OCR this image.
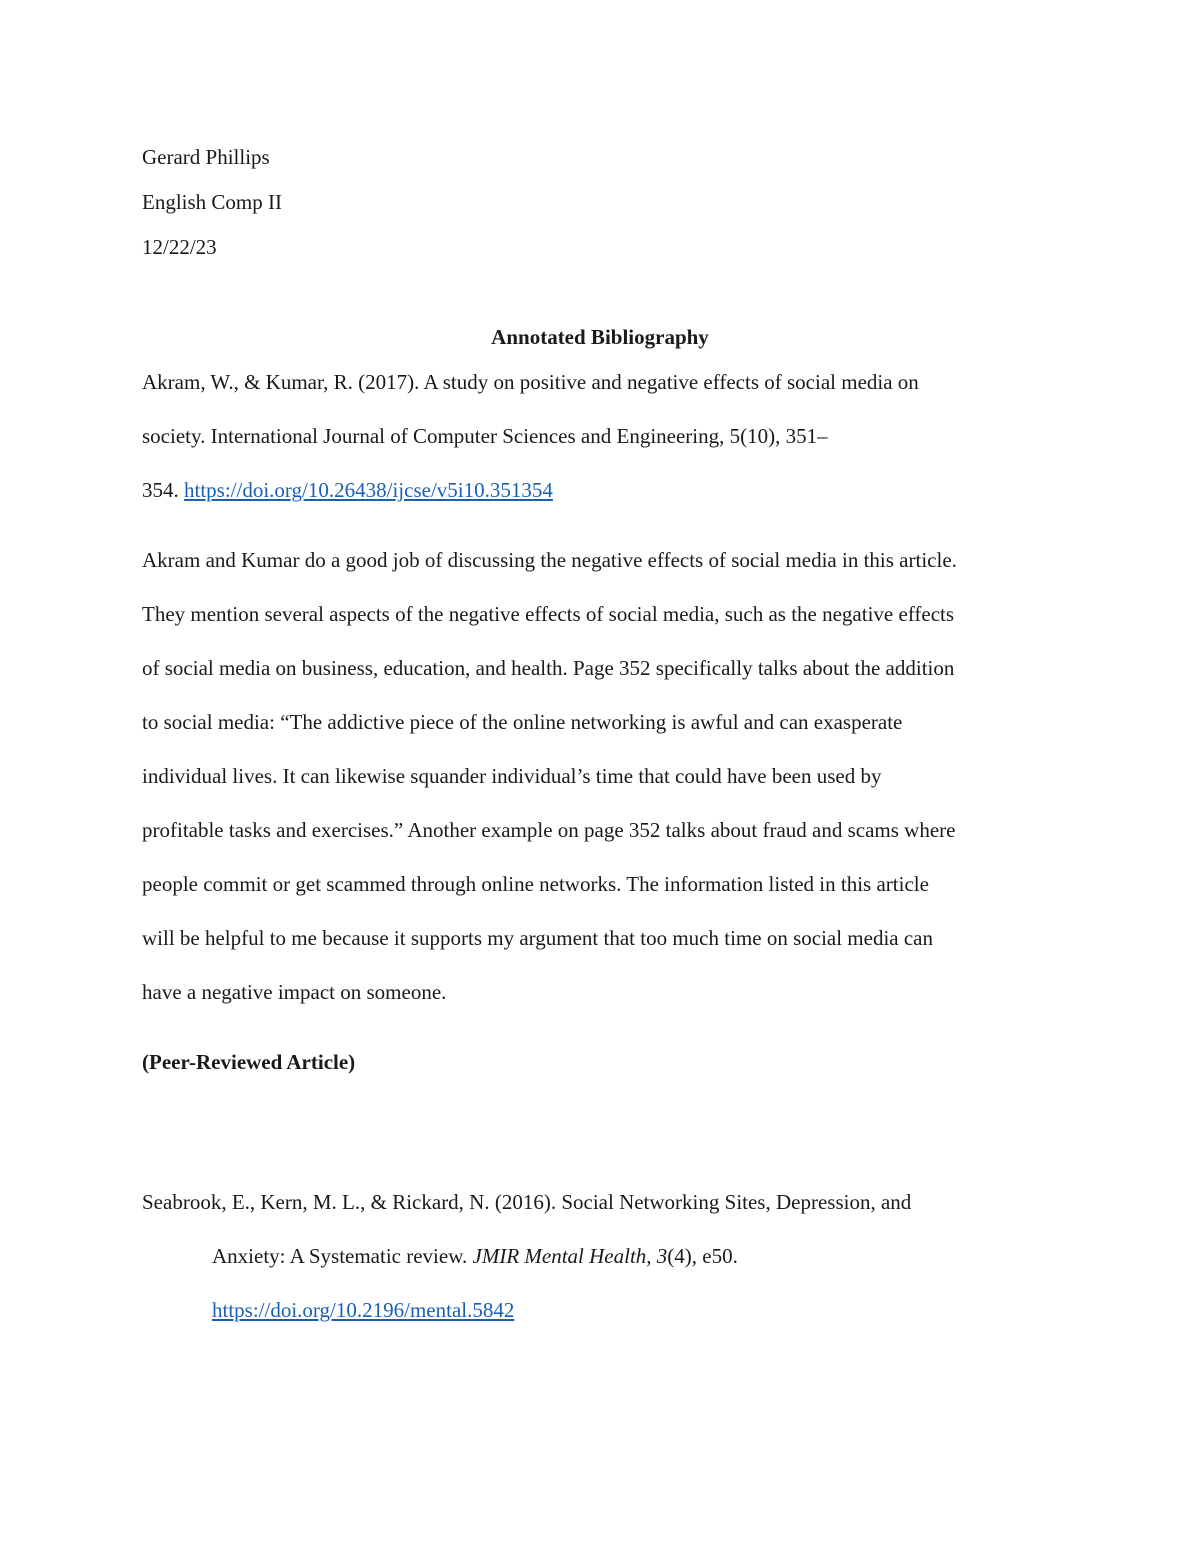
Gerard Phillips
English Comp II
12/22/23
Annotated Bibliography
Akram, W., & Kumar, R. (2017). A study on positive and negative effects of social media on
society. International Journal of Computer Sciences and Engineering, 5(10), 351–
354. https://doi.org/10.26438/ijcse/v5i10.351354
Akram and Kumar do a good job of discussing the negative effects of social media in this article.
They mention several aspects of the negative effects of social media, such as the negative effects
of social media on business, education, and health. Page 352 specifically talks about the addition
to social media: “The addictive piece of the online networking is awful and can exasperate
individual lives. It can likewise squander individual’s time that could have been used by
profitable tasks and exercises.” Another example on page 352 talks about fraud and scams where
people commit or get scammed through online networks. The information listed in this article
will be helpful to me because it supports my argument that too much time on social media can
have a negative impact on someone.
(Peer-Reviewed Article)
Seabrook, E., Kern, M. L., & Rickard, N. (2016). Social Networking Sites, Depression, and
Anxiety: A Systematic review. JMIR Mental Health, 3(4), e50.
https://doi.org/10.2196/mental.5842
